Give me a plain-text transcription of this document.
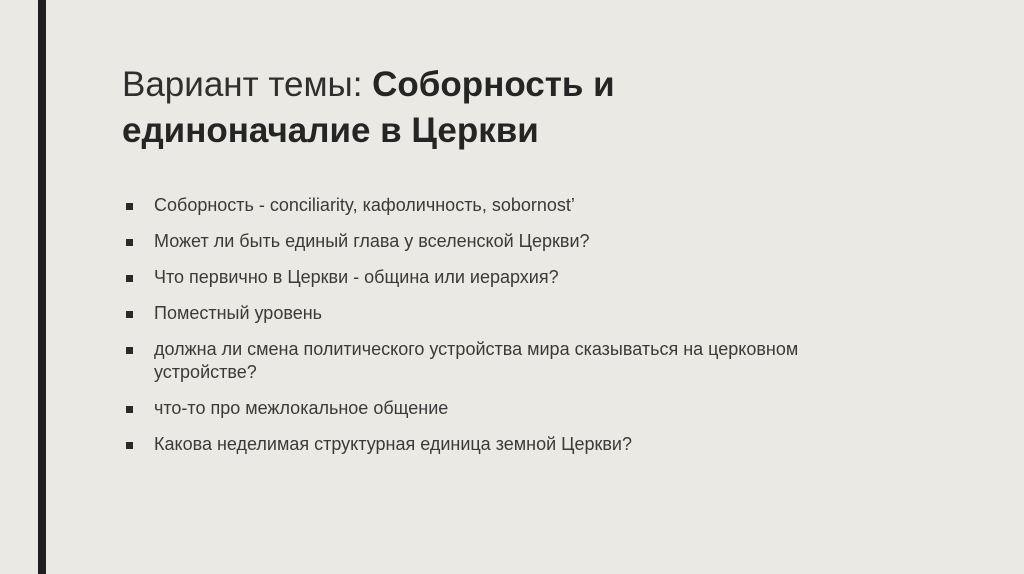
Вариант темы: Соборность и единоначалие в Церкви
Соборность - conciliarity, кафоличность, sobornost’
Может ли быть единый глава у вселенской Церкви?
Что первично в Церкви - община или иерархия?
Поместный уровень
должна ли смена политического устройства мира сказываться на церковном устройстве?
что-то про межлокальное общение
Какова неделимая структурная единица земной Церкви?
